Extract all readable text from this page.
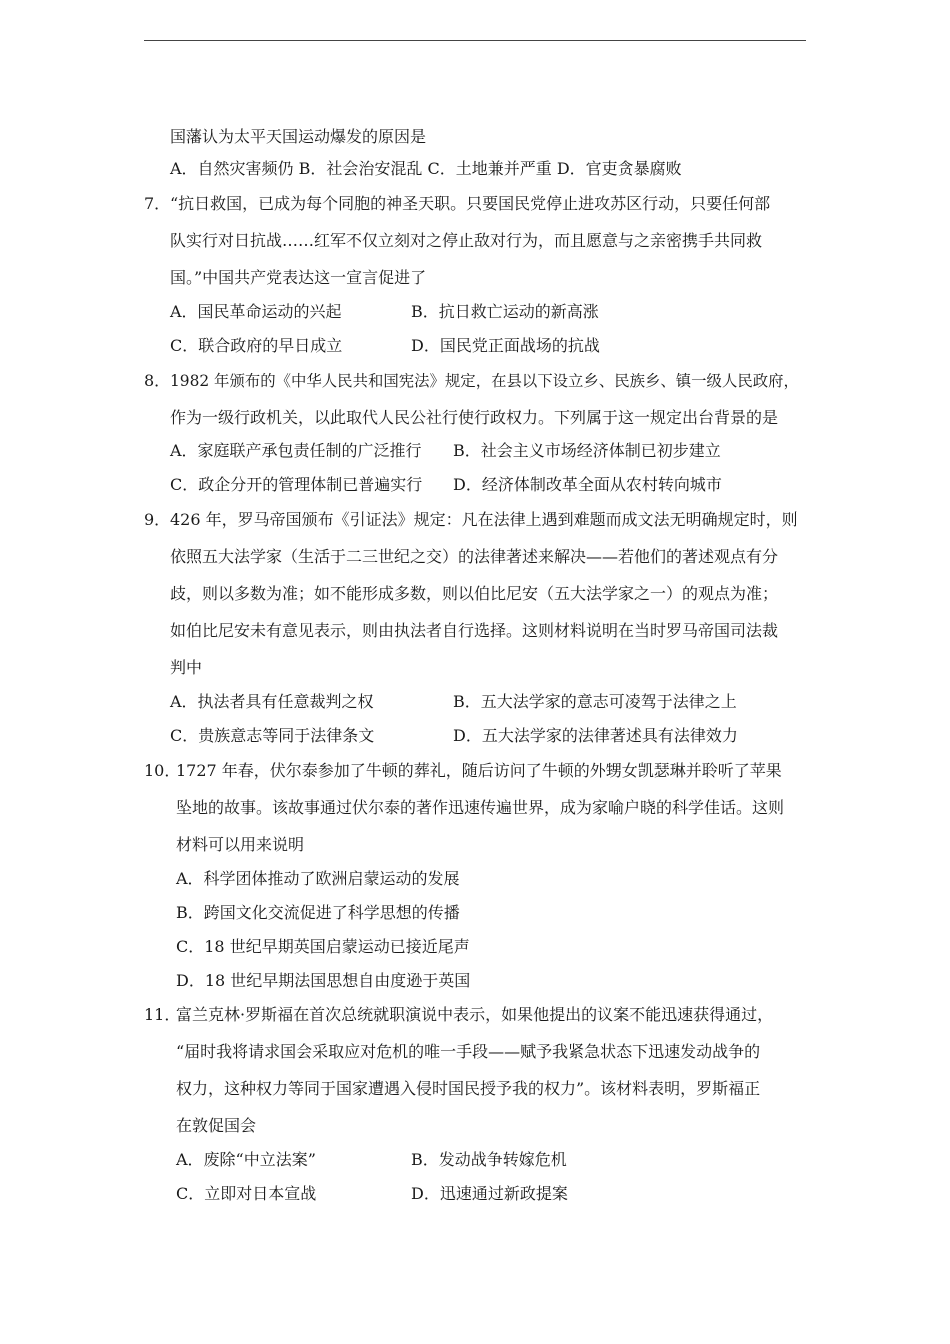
国藩认为太平天国运动爆发的原因是
A．自然灾害频仍 B．社会治安混乱 C．土地兼并严重 D．官吏贪暴腐败
7． “抗日救国，已成为每个同胞的神圣天职。只要国民党停止进攻苏区行动，只要任何部
队实行对日抗战……红军不仅立刻对之停止敌对行为，而且愿意与之亲密携手共同救
国。”中国共产党表达这一宣言促进了
A．国民革命运动的兴起	B．抗日救亡运动的新高涨
C．联合政府的早日成立	D．国民党正面战场的抗战
8． 1982 年颁布的《中华人民共和国宪法》规定，在县以下设立乡、民族乡、镇一级人民政府，
作为一级行政机关，以此取代人民公社行使行政权力。下列属于这一规定出台背景的是
A．家庭联产承包责任制的广泛推行 B．社会主义市场经济体制已初步建立
C．政企分开的管理体制已普遍实行 D．经济体制改革全面从农村转向城市
9． 426 年，罗马帝国颁布《引证法》规定：凡在法律上遇到难题而成文法无明确规定时，则
依照五大法学家（生活于二三世纪之交）的法律著述来解决——若他们的著述观点有分
歧，则以多数为准；如不能形成多数，则以伯比尼安（五大法学家之一）的观点为准；
如伯比尼安未有意见表示，则由执法者自行选择。这则材料说明在当时罗马帝国司法裁
判中
A．执法者具有任意裁判之权	B．五大法学家的意志可凌驾于法律之上
C．贵族意志等同于法律条文	D．五大法学家的法律著述具有法律效力
10．
1727 年春，伏尔泰参加了牛顿的葬礼，随后访问了牛顿的外甥女凯瑟琳并聆听了苹果
坠地的故事。该故事通过伏尔泰的著作迅速传遍世界，成为家喻户晓的科学佳话。这则
材料可以用来说明
A．科学团体推动了欧洲启蒙运动的发展
B．跨国文化交流促进了科学思想的传播
C．18 世纪早期英国启蒙运动已接近尾声
D．18 世纪早期法国思想自由度逊于英国
11．
富兰克林·罗斯福在首次总统就职演说中表示，如果他提出的议案不能迅速获得通过，
“届时我将请求国会采取应对危机的唯一手段——赋予我紧急状态下迅速发动战争的
权力，这种权力等同于国家遭遇入侵时国民授予我的权力”。该材料表明，罗斯福正
在敦促国会
A．废除“中立法案”	B．发动战争转嫁危机
C．立即对日本宣战	D．迅速通过新政提案
